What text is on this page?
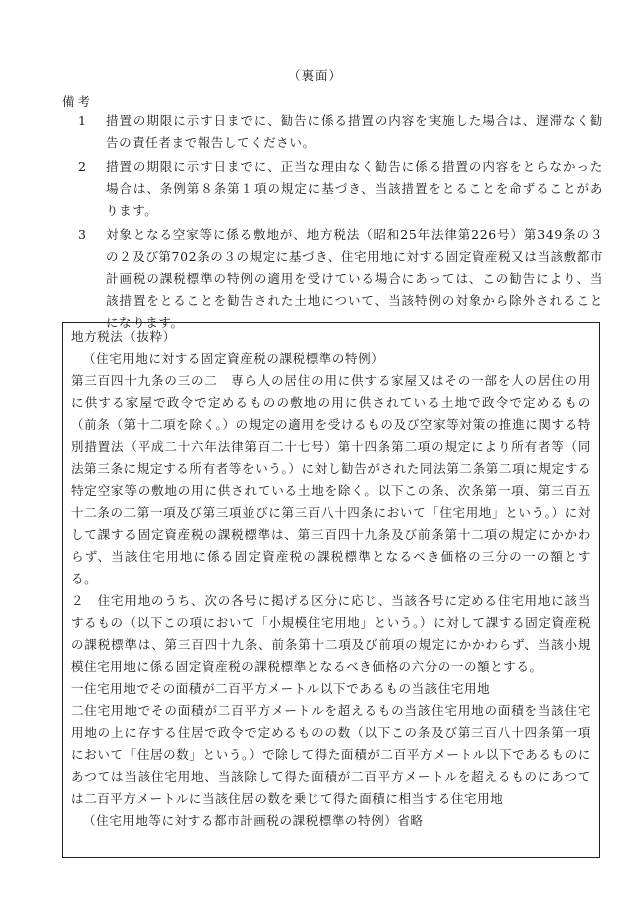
（裏面）
備考
1	措置の期限に示す日までに、勧告に係る措置の内容を実施した場合は、遅滞なく勧告の責任者まで報告してください。
2	措置の期限に示す日までに、正当な理由なく勧告に係る措置の内容をとらなかった場合は、条例第８条第１項の規定に基づき、当該措置をとることを命ずることがあります。
3	対象となる空家等に係る敷地が、地方税法（昭和25年法律第226号）第349条の３の２及び第702条の３の規定に基づき、住宅用地に対する固定資産税又は当該敷都市計画税の課税標準の特例の適用を受けている場合にあっては、この勧告により、当該措置をとることを勧告された土地について、当該特例の対象から除外されることになります。

地方税法（抜粋）

（住宅用地に対する固定資産税の課税標準の特例）

第三百四十九条の三の二　専ら人の居住の用に供する家屋又はその一部を人の居住の用に供する家屋で政令で定めるものの敷地の用に供されている土地で政令で定めるもの（前条（第十二項を除く。）の規定の適用を受けるもの及び空家等対策の推進に関する特別措置法（平成二十六年法律第百二十七号）第十四条第二項の規定により所有者等（同法第三条に規定する所有者等をいう。）に対し勧告がされた同法第二条第二項に規定する特定空家等の敷地の用に供されている土地を除く。以下この条、次条第一項、第三百五十二条の二第一項及び第三項並びに第三百八十四条において「住宅用地」という。）に対して課する固定資産税の課税標準は、第三百四十九条及び前条第十二項の規定にかかわらず、当該住宅用地に係る固定資産税の課税標準となるべき価格の三分の一の額とする。

２　住宅用地のうち、次の各号に掲げる区分に応じ、当該各号に定める住宅用地に該当するもの（以下この項において「小規模住宅用地」という。）に対して課する固定資産税の課税標準は、第三百四十九条、前条第十二項及び前項の規定にかかわらず、当該小規模住宅用地に係る固定資産税の課税標準となるべき価格の六分の一の額とする。

一住宅用地でその面積が二百平方メートル以下であるもの当該住宅用地

二住宅用地でその面積が二百平方メートルを超えるもの当該住宅用地の面積を当該住宅用地の上に存する住居で政令で定めるものの数（以下この条及び第三百八十四条第一項において「住居の数」という。）で除して得た面積が二百平方メートル以下であるものにあつては当該住宅用地、当該除して得た面積が二百平方メートルを超えるものにあつては二百平方メートルに当該住居の数を乗じて得た面積に相当する住宅用地

（住宅用地等に対する都市計画税の課税標準の特例）省略
